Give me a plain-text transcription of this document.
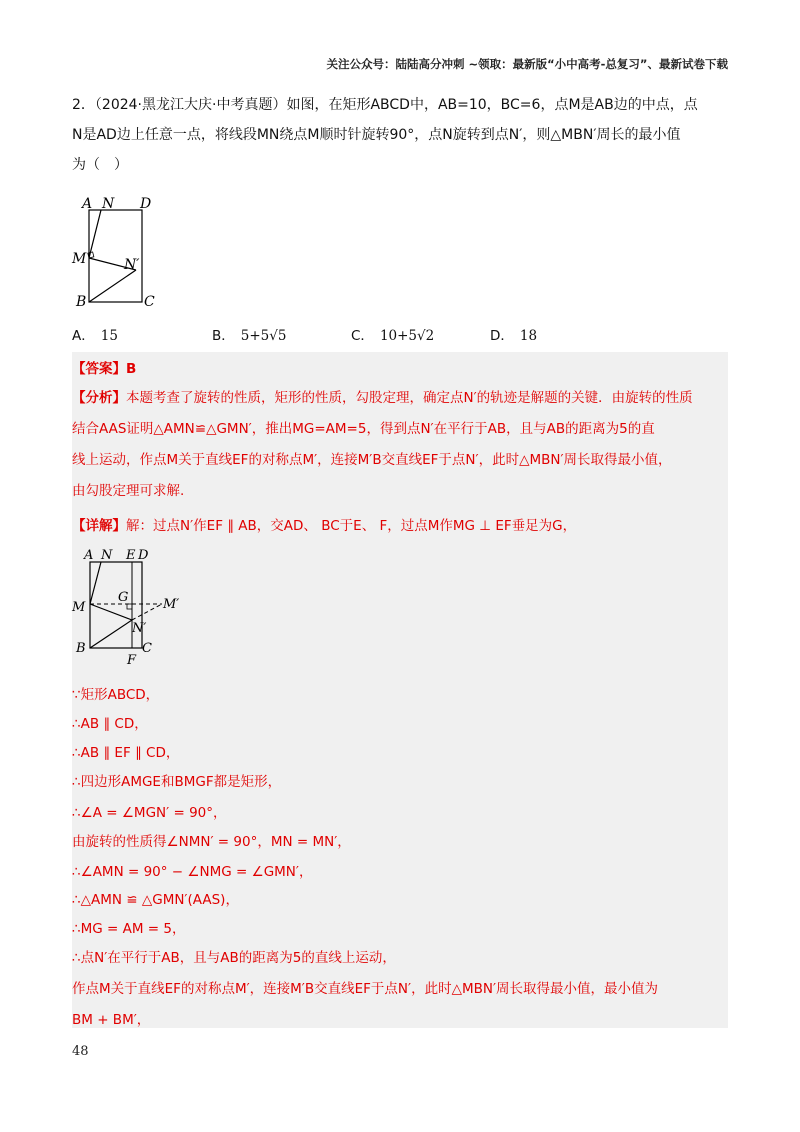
关注公众号：陆陆高分冲刺 ~领取：最新版“小中高考-总复习”、最新试卷下载

2．（2024·黑龙江大庆·中考真题）如图，在矩形ABCD中，AB=10，BC=6，点M是AB边的中点，点

N是AD边上任意一点，将线段MN绕点M顺时针旋转90°，点N旋转到点N′，则△MBN′周长的最小值

为（　）

A N D
M	N′
B	C
A． 15	B． 5+5√5	C． 10+5√2	D． 18
【答案】B
【分析】本题考查了旋转的性质，矩形的性质，勾股定理，确定点N′的轨迹是解题的关键．由旋转的性质
结合AAS证明△AMN≌△GMN′，推出MG=AM=5，得到点N′在平行于AB，且与AB的距离为5的直
线上运动，作点M关于直线EF的对称点M′，连接M′B交直线EF于点N′，此时△MBN′周长取得最小值，
由勾股定理可求解.
【详解】解：过点N′作EF ∥ AB，交AD、 BC于E、 F，过点M作MG ⊥ EF垂足为G，
A N E D
G
M	M′
N′
B
F
C
∵矩形ABCD，
∴AB ∥ CD，
∴AB ∥ EF ∥ CD，
∴四边形AMGE和BMGF都是矩形，
∴∠A = ∠MGN′ = 90°，
由旋转的性质得∠NMN′ = 90°，MN = MN′，
∴∠AMN = 90° − ∠NMG = ∠GMN′，
∴△AMN ≌ △GMN′(AAS)，
∴MG = AM = 5，
∴点N′在平行于AB，且与AB的距离为5的直线上运动，
作点M关于直线EF的对称点M′，连接M′B交直线EF于点N′，此时△MBN′周长取得最小值，最小值为
BM + BM′，
48
